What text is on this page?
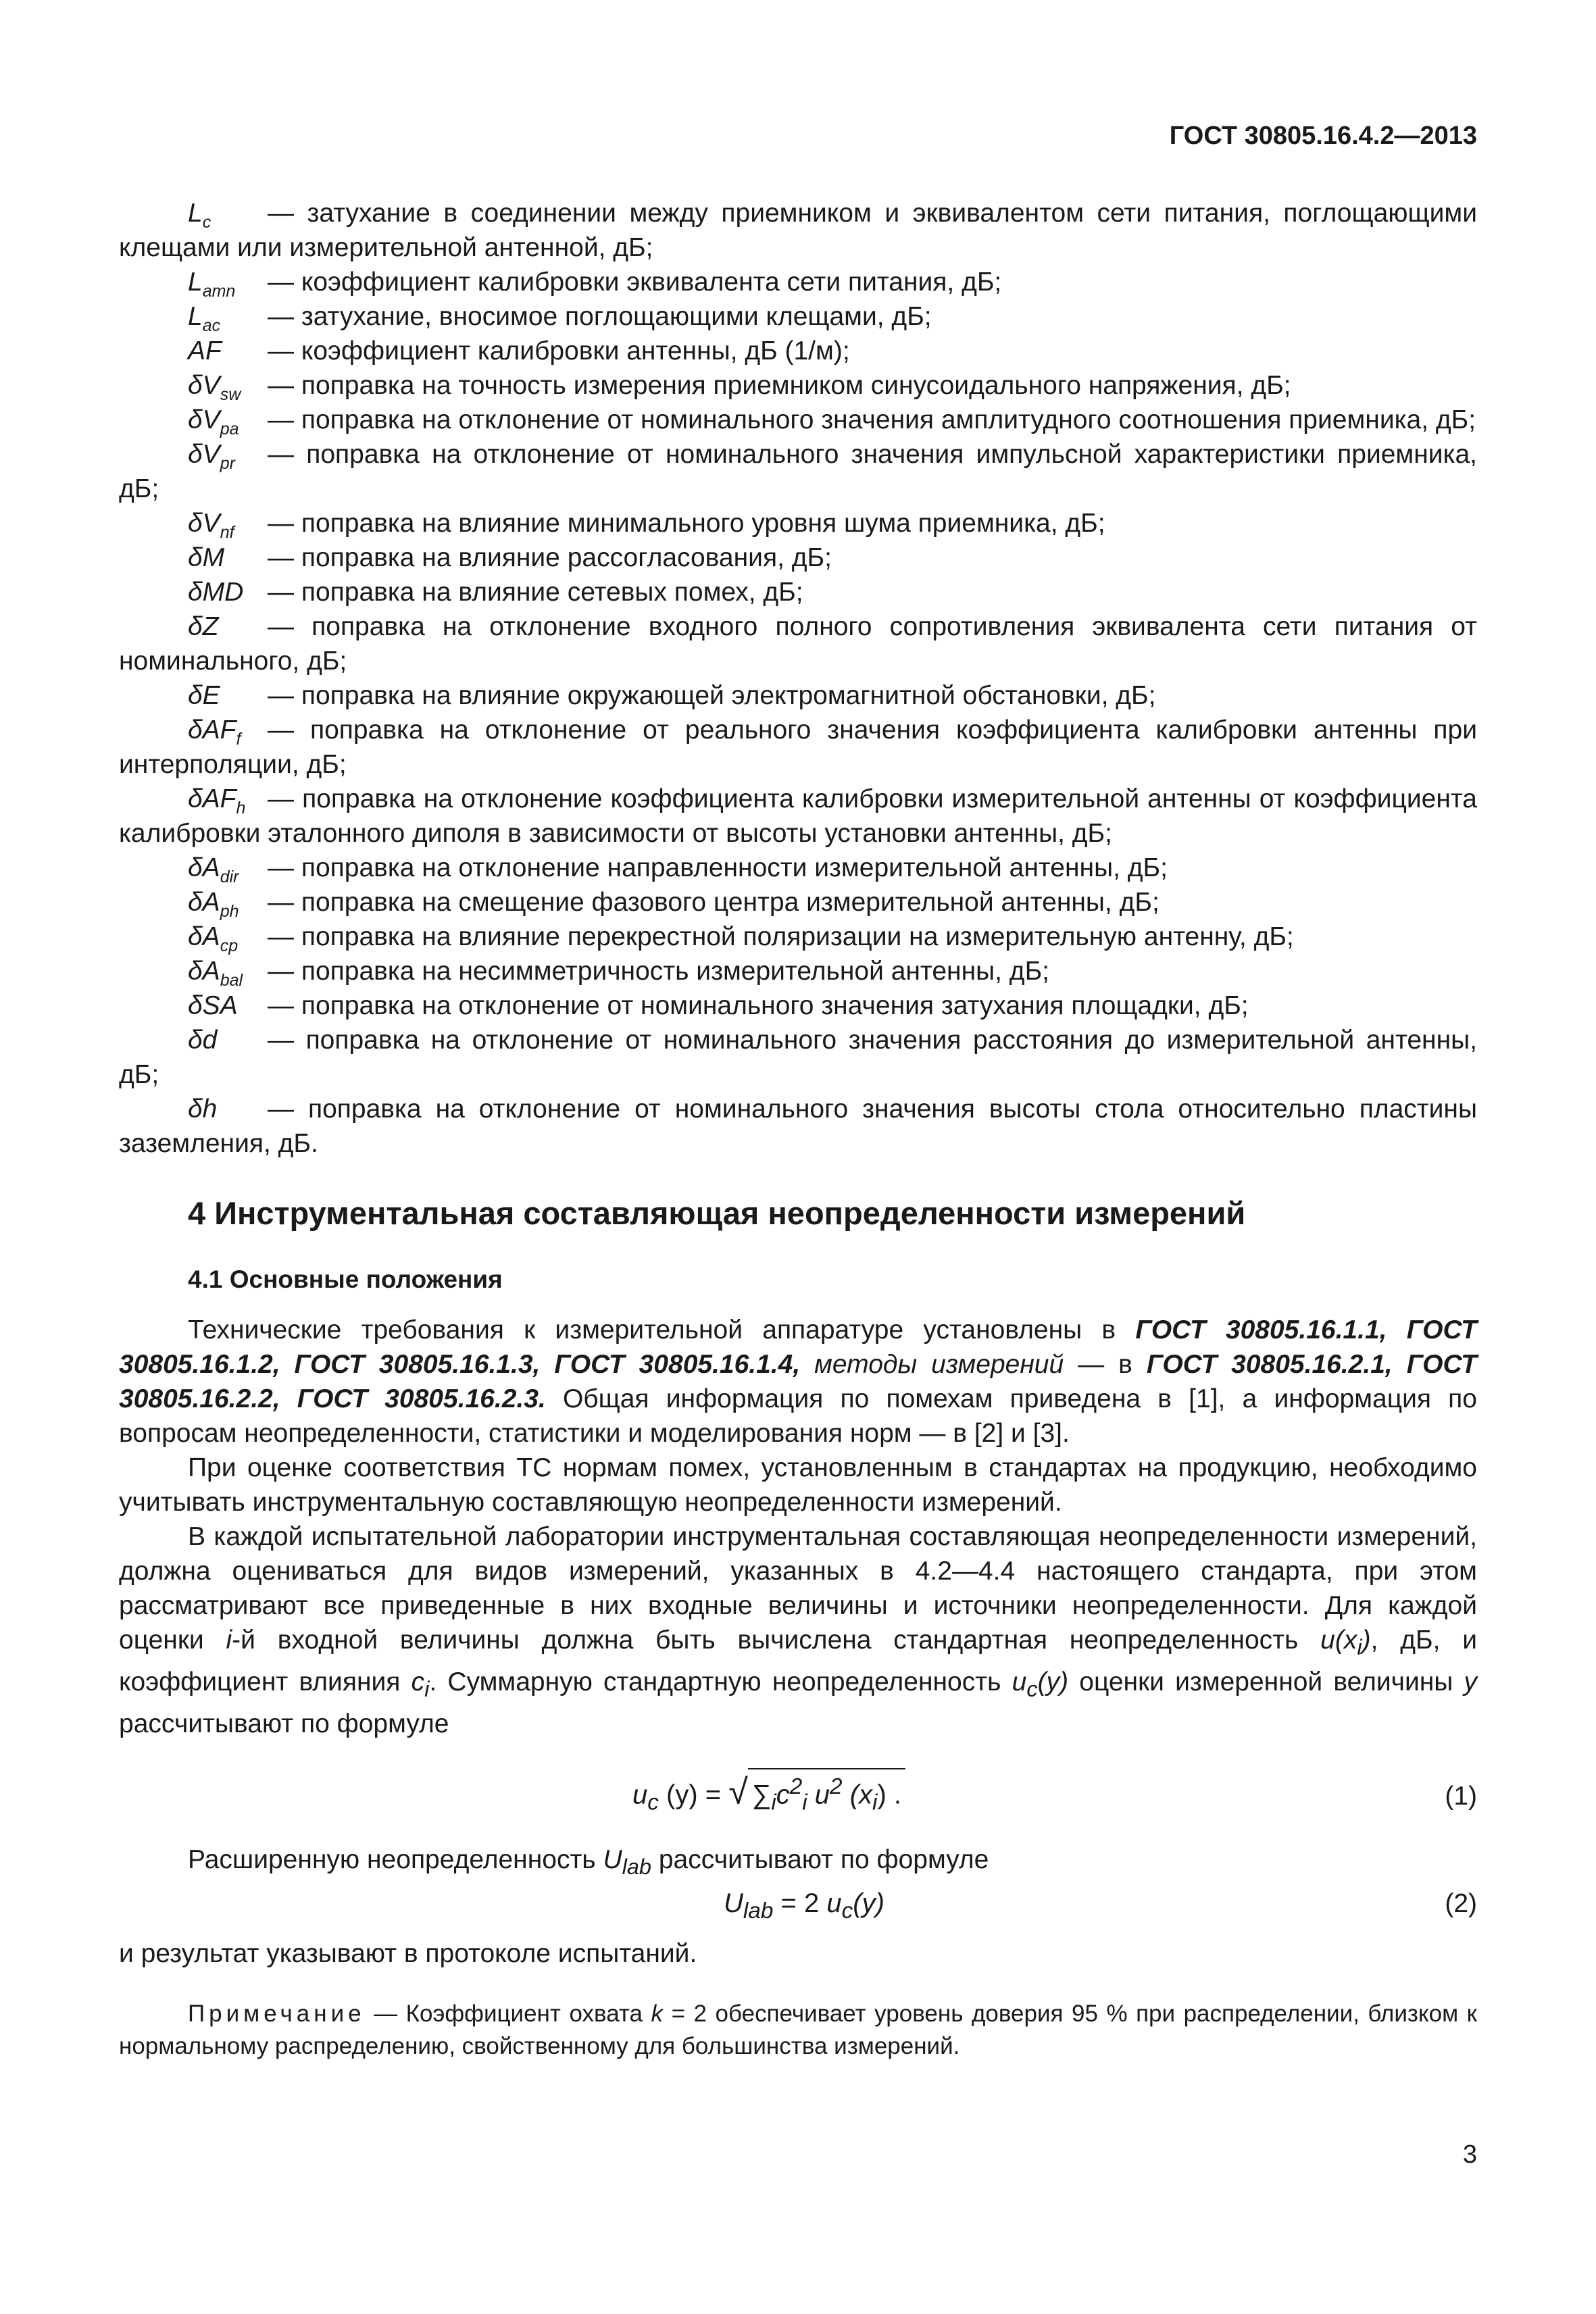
ГОСТ 30805.16.4.2—2013

$L_c$ — затухание в соединении между приемником и эквивалентом сети питания, поглощающими клещами или измерительной антенной, дБ;

$L_{amn}$ — коэффициент калибровки эквивалента сети питания, дБ;

$L_{ac}$ — затухание, вносимое поглощающими клещами, дБ;

AF — коэффициент калибровки антенны, дБ (1/м);

$\delta V_{sw}$ — поправка на точность измерения приемником синусоидального напряжения, дБ;

$\delta V_{pa}$ — поправка на отклонение от номинального значения амплитудного соотношения приемника, дБ;

$\delta V_{pr}$ — поправка на отклонение от номинального значения импульсной характеристики приемника, дБ;

$\delta V_{nf}$ — поправка на влияние минимального уровня шума приемника, дБ;

δM — поправка на влияние рассогласования, дБ;

δMD — поправка на влияние сетевых помех, дБ;

δZ — поправка на отклонение входного полного сопротивления эквивалента сети питания от номинального, дБ;

δE — поправка на влияние окружающей электромагнитной обстановки, дБ;

δAF$_f$ — поправка на отклонение от реального значения коэффициента калибровки антенны при интерполяции, дБ;

δAF$_h$ — поправка на отклонение коэффициента калибровки измерительной антенны от коэффициента калибровки эталонного диполя в зависимости от высоты установки антенны, дБ;

$\delta A_{dir}$ — поправка на отклонение направленности измерительной антенны, дБ;

$\delta A_{ph}$ — поправка на смещение фазового центра измерительной антенны, дБ;

$\delta A_{cp}$ — поправка на влияние перекрестной поляризации на измерительную антенну, дБ;

$\delta A_{bal}$ — поправка на несимметричность измерительной антенны, дБ;

δSA — поправка на отклонение от номинального значения затухания площадки, дБ;

δd — поправка на отклонение от номинального значения расстояния до измерительной антенны, дБ;

δh — поправка на отклонение от номинального значения высоты стола относительно пластины заземления, дБ.

4 Инструментальная составляющая неопределенности измерений
4.1 Основные положения

Технические требования к измерительной аппаратуре установлены в ГОСТ 30805.16.1.1, ГОСТ 30805.16.1.2, ГОСТ 30805.16.1.3, ГОСТ 30805.16.1.4, методы измерений — в ГОСТ 30805.16.2.1, ГОСТ 30805.16.2.2, ГОСТ 30805.16.2.3. Общая информация по помехам приведена в [1], а информация по вопросам неопределенности, статистики и моделирования норм — в [2] и [3].

При оценке соответствия ТС нормам помех, установленным в стандартах на продукцию, необходимо учитывать инструментальную составляющую неопределенности измерений.

В каждой испытательной лаборатории инструментальная составляющая неопределенности измерений, должна оцениваться для видов измерений, указанных в 4.2—4.4 настоящего стандарта, при этом рассматривают все приведенные в них входные величины и источники неопределенности. Для каждой оценки i-й входной величины должна быть вычислена стандартная неопределенность $u(x_i)$, дБ, и коэффициент влияния $c_i$. Суммарную стандартную неопределенность $u_c(y)$ оценки измеренной величины y рассчитывают по формуле

$u_c$ (y) = √ $\sum_ic^2_i$ $u^2$ $(x_i)$ .	(1)

Расширенную неопределенность $U_{lab}$ рассчитывают по формуле

$U_{lab} = 2$ $u_c(y)$	(2)

и результат указывают в протоколе испытаний.

Примечание — Коэффициент охвата k = 2 обеспечивает уровень доверия 95 % при распределении, близком к нормальному распределению, свойственному для большинства измерений.

3
